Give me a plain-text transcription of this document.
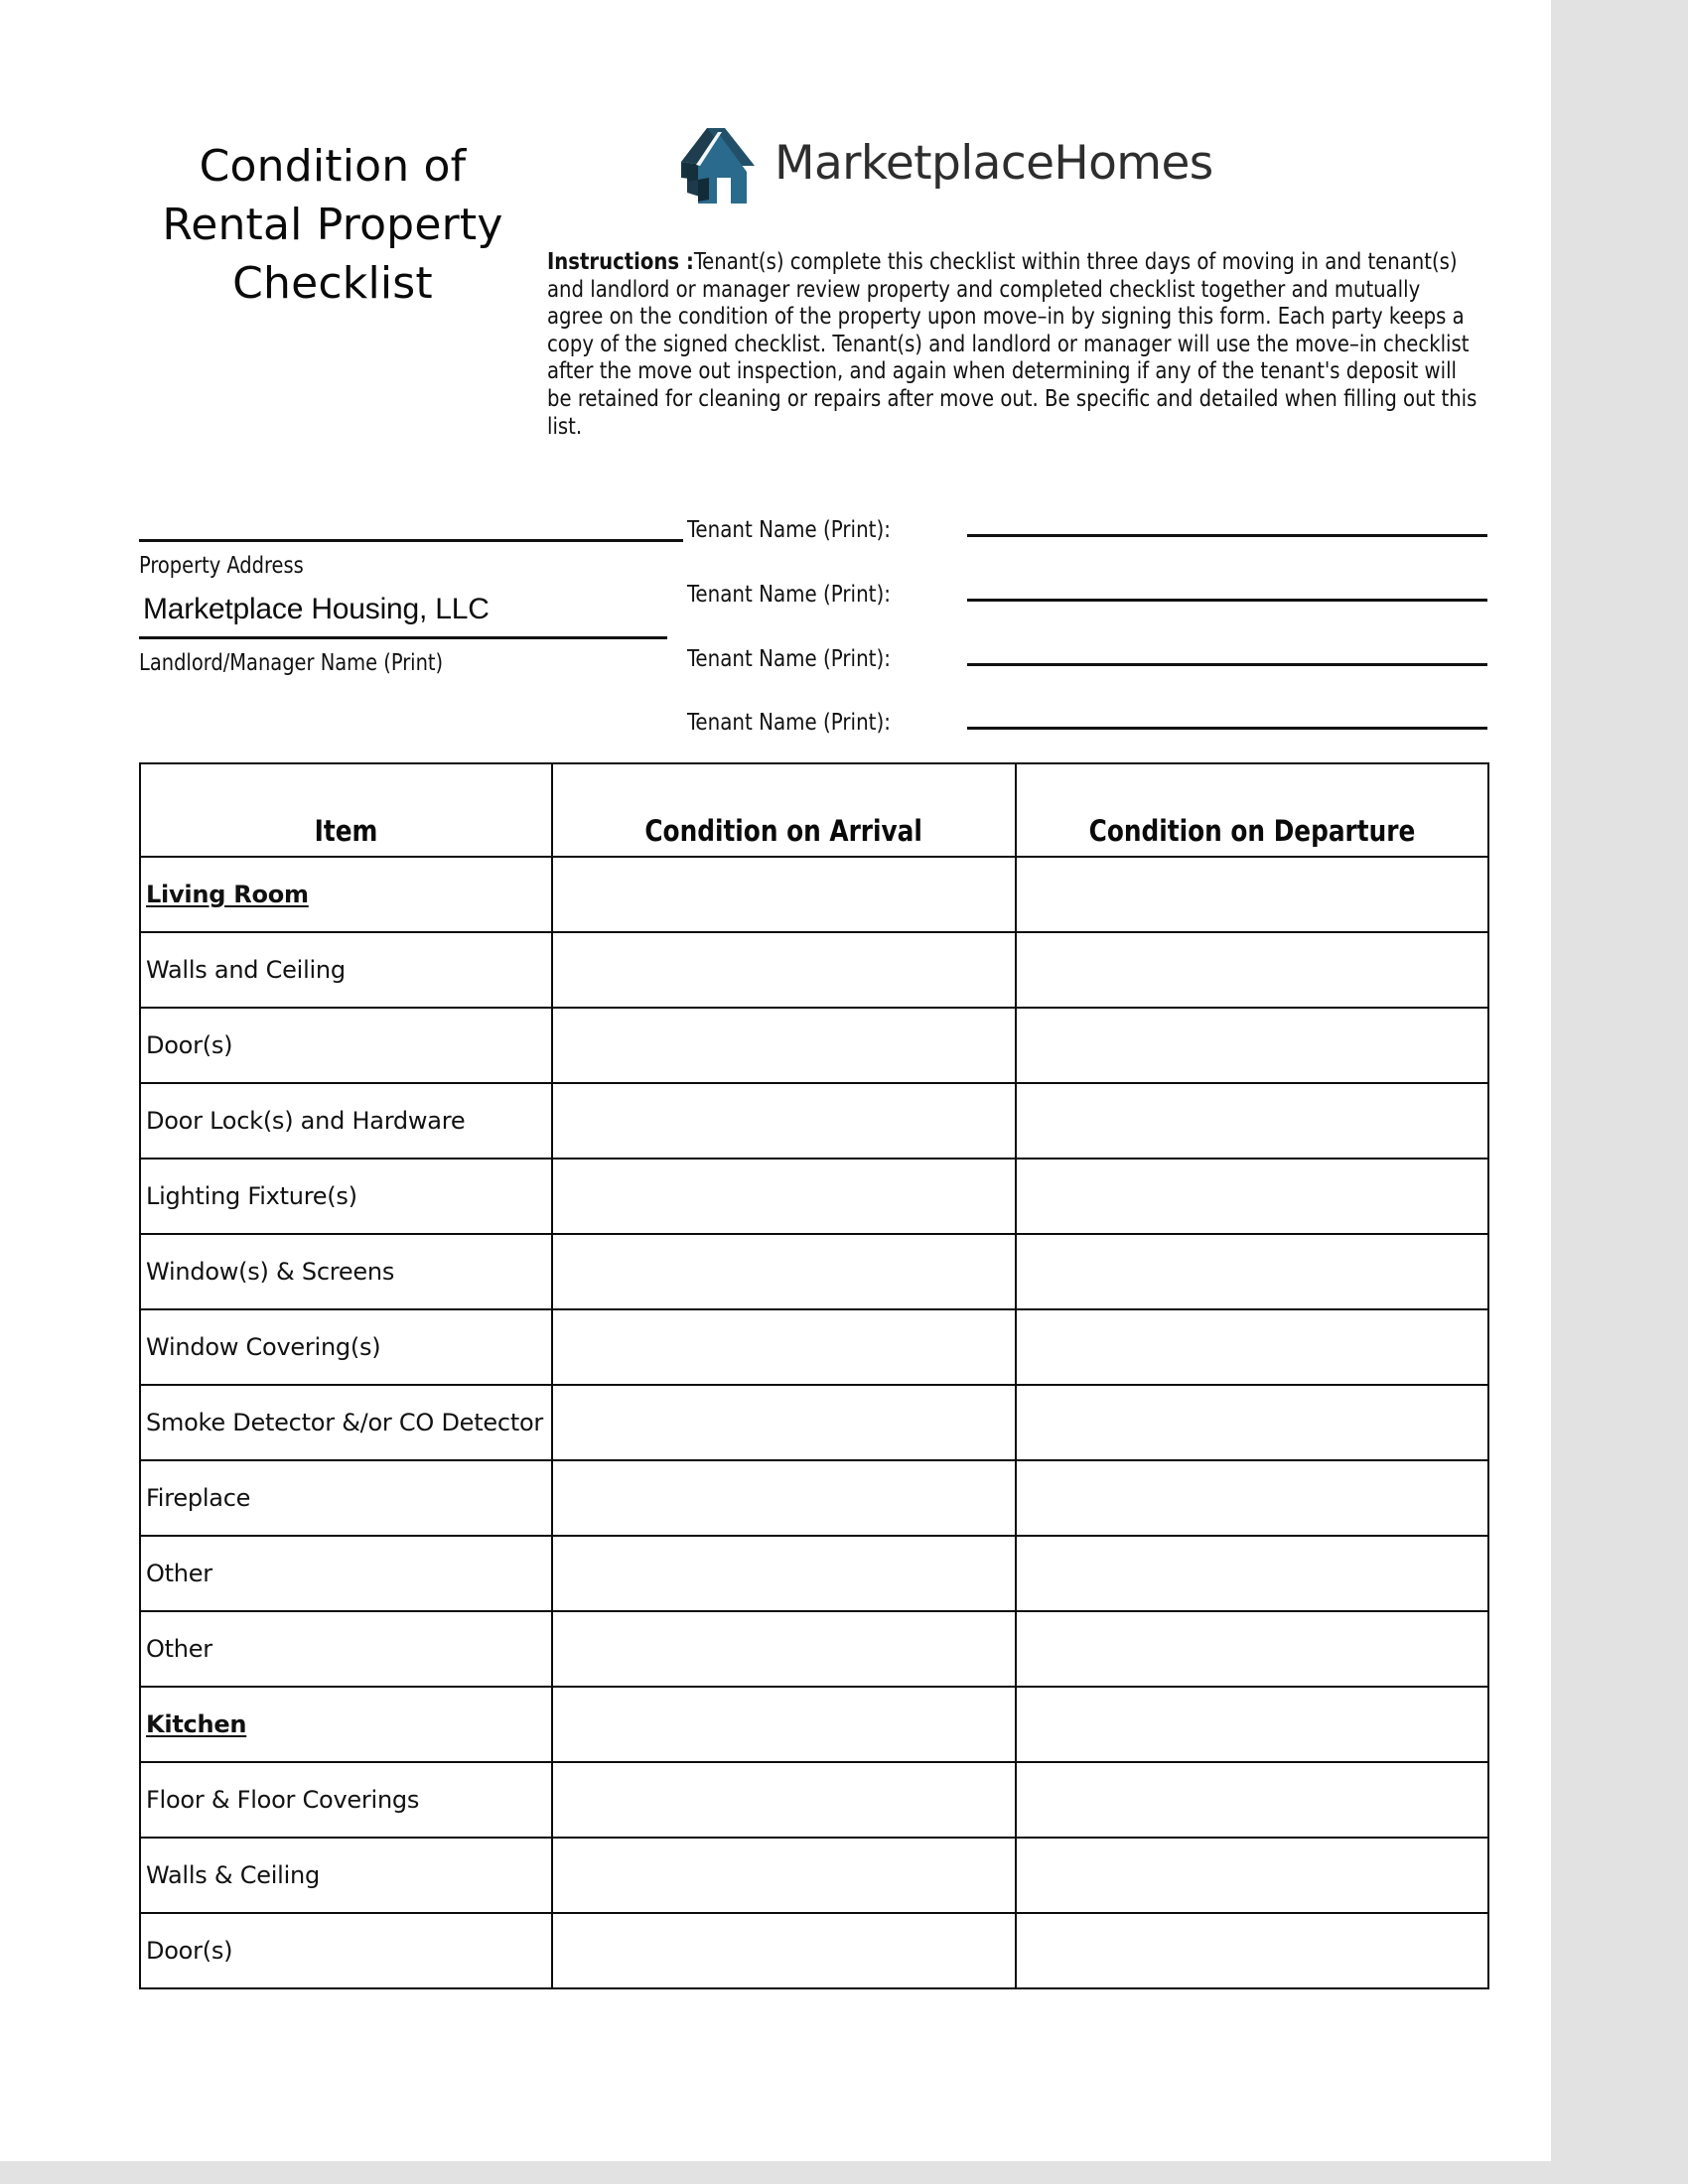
Condition of
Rental Property
Checklist
MarketplaceHomes
Instructions :Tenant(s) complete this checklist within three days of moving in and tenant(s) and landlord or manager review property and completed checklist together and mutually agree on the condition of the property upon move–in by signing this form. Each party keeps a copy of the signed checklist. Tenant(s) and landlord or manager will use the move–in checklist after the move out inspection, and again when determining if any of the tenant's deposit will be retained for cleaning or repairs after move out. Be specific and detailed when filling out this list.
Property Address
Marketplace Housing, LLC
Landlord/Manager Name (Print)
Tenant Name (Print):
Tenant Name (Print):
Tenant Name (Print):
Tenant Name (Print):
Item	Condition on Arrival	Condition on Departure
Living Room		
Walls and Ceiling		
Door(s)		
Door Lock(s) and Hardware		
Lighting Fixture(s)		
Window(s) & Screens		
Window Covering(s)		
Smoke Detector &/or CO Detector		
Fireplace		
Other		
Other		
Kitchen		
Floor & Floor Coverings		
Walls & Ceiling		
Door(s)		
